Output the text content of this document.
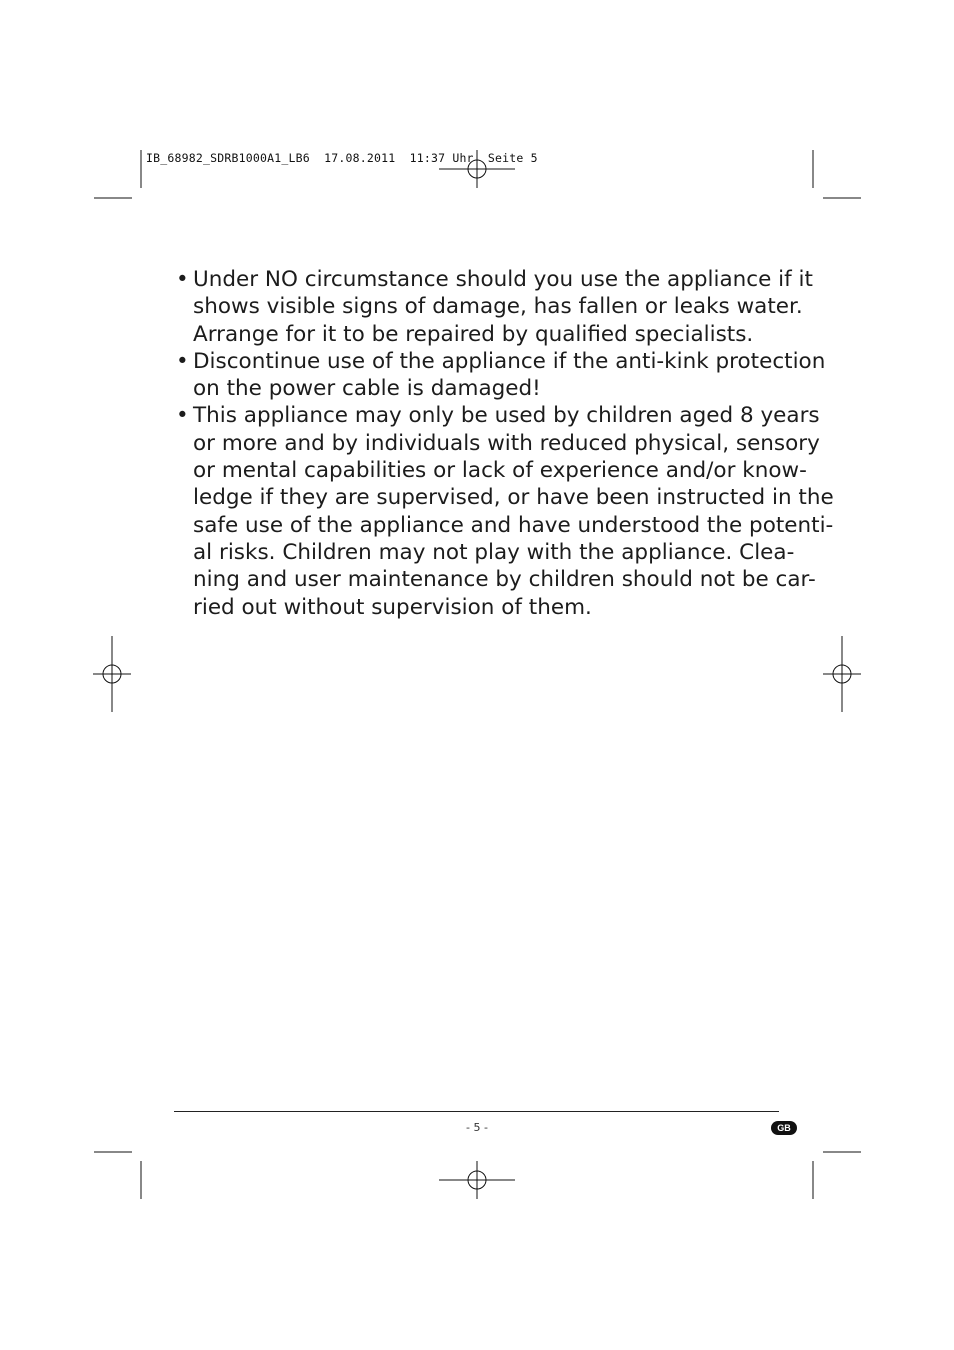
IB_68982_SDRB1000A1_LB6  17.08.2011  11:37 Uhr  Seite 5
• Under NO circumstance should you use the appliance if it
shows visible signs of damage, has fallen or leaks water.
Arrange for it to be repaired by qualified specialists.
• Discontinue use of the appliance if the anti-kink protection
on the power cable is damaged!
• This appliance may only be used by children aged 8 years
or more and by individuals with reduced physical, sensory
or mental capabilities or lack of experience and/or know-
ledge if they are supervised, or have been instructed in the
safe use of the appliance and have understood the potenti-
al risks. Children may not play with the appliance. Clea-
ning and user maintenance by children should not be car-
ried out without supervision of them.
- 5 -	GB
